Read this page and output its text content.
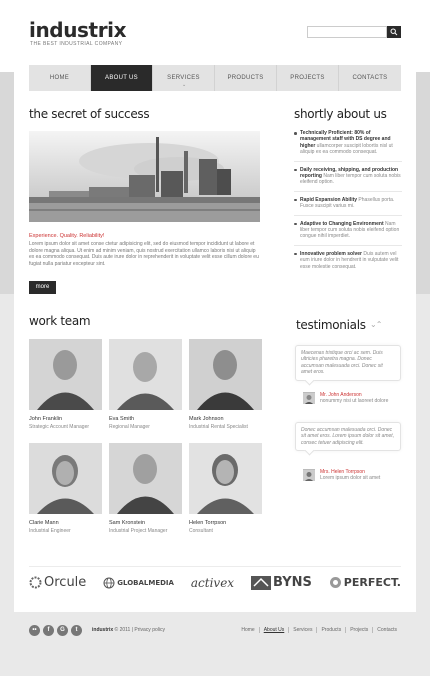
industrix
THE BEST INDUSTRIAL COMPANY
HOME	ABOUT US	SERVICES
⌄
PRODUCTS	PROJECTS	CONTACTS
the secret of success
Experience. Quality. Reliability!
Lorem ipsum dolor sit amet conse ctetur adipisicing elit, sed do eiusmod tempor incididunt ut labore et dolore magna aliqua. Ut enim ad minim veniam, quis nostrud exercitation ullamco laboris nisi ut aliquip ex ea commodo consequat. Duis aute irure dolor in reprehenderit in voluptate velit esse cillum dolore eu fugiat nulla pariatur excepteur sint.
more
shortly about us
Technically Proficient: 80% of management staff with DS degree and higher ullamcorper suscipit lobortis nisl ut aliquip ex ea commodo consequat.
Daily receiving, shipping, and production reporting Nam liber tempor cum soluta nobis eleifend option.
Rapid Expansion Ability Phasellus porta. Fusce suscipit varius mi.
Adaptive to Changing Environment Nam liber tempor cum soluta nobis eleifend option congue nihil imperdiet.
Innovative problem solver Duis autem vel eum iriure dolor in hendrerit in vulputate velit esse molestie consequat.
work team
John Franklin
Strategic Account Manager
Eva Smith
Regional Manager
Mark Johnson
Industrial Rental Specialist
Clarie Mann
Industrial Engineer
Sam Kronstein
Industrial Project Manager
Helen Torrpson
Consultant
testimonials ⌄⌃
Maecenas tristique orci ac sem. Duis ultricies pharetra magna. Donec accumsan malesuada orci. Donec sit amet eros.
Mr. John Anderson
nonummy nisi ut laoreet dolore
Donec accumsan malesuada orci. Donec sit amet eros. Lorem ipsum dolor sit amet, consec tetuer adipiscing elit.
Mrs. Helen Torrpson
Lorem ipsum dolor sit amet
Orcule	GLOBALMEDIA activex	BYNS	PERFECT.
••	f	G	t	industrix © 2011 | Privacy policy	Home	About Us	Services	Products	Projects	Contacts
